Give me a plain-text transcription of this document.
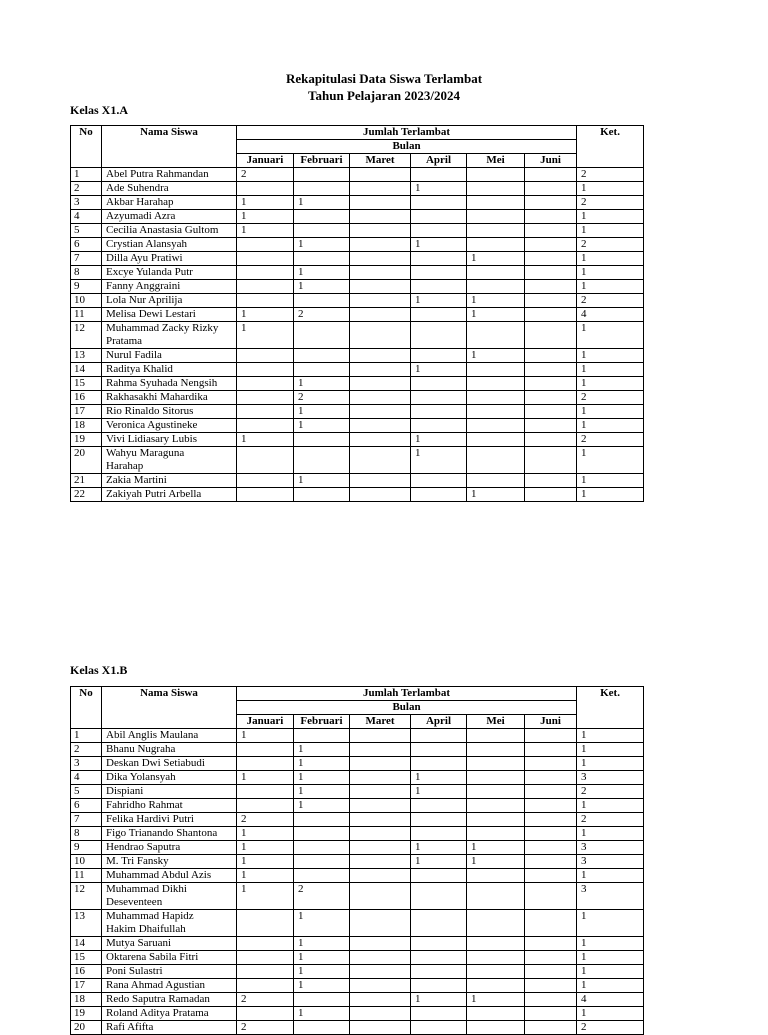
Rekapitulasi Data Siswa Terlambat
Tahun Pelajaran 2023/2024
Kelas X1.A
No	Nama Siswa	Jumlah Terlambat						Ket.
		Bulan						
		Januari	Februari	Maret	April	Mei	Juni	
1	Abel Putra Rahmandan	2						2
2	Ade Suhendra				1			1
3	Akbar Harahap	1	1					2
4	Azyumadi Azra	1						1
5	Cecilia Anastasia Gultom	1						1
6	Crystian Alansyah		1		1			2
7	Dilla Ayu Pratiwi					1		1
8	Excye Yulanda Putr		1					1
9	Fanny Anggraini		1					1
10	Lola Nur Aprilija				1	1		2
11	Melisa Dewi Lestari	1	2			1		4
12	Muhammad Zacky Rizky
Pratama	1						1
13	Nurul Fadila					1		1
14	Raditya Khalid				1			1
15	Rahma Syuhada Nengsih		1					1
16	Rakhasakhi Mahardika		2					2
17	Rio Rinaldo Sitorus		1					1
18	Veronica Agustineke		1					1
19	Vivi Lidiasary Lubis	1			1			2
20	Wahyu Maraguna
Harahap				1			1
21	Zakia Martini		1					1
22	Zakiyah Putri Arbella					1		1
Kelas X1.B
No	Nama Siswa	Jumlah Terlambat						Ket.
		Bulan						
		Januari	Februari	Maret	April	Mei	Juni	
1	Abil Anglis Maulana	1						1
2	Bhanu Nugraha		1					1
3	Deskan Dwi Setiabudi		1					1
4	Dika Yolansyah	1	1		1			3
5	Dispiani		1		1			2
6	Fahridho Rahmat		1					1
7	Felika Hardivi Putri	2						2
8	Figo Trianando Shantona	1						1
9	Hendrao Saputra	1			1	1		3
10	M. Tri Fansky	1			1	1		3
11	Muhammad Abdul Azis	1						1
12	Muhammad Dikhi
Deseventeen	1	2					3
13	Muhammad Hapidz
Hakim Dhaifullah		1					1
14	Mutya Saruani		1					1
15	Oktarena Sabila Fitri		1					1
16	Poni Sulastri		1					1
17	Rana Ahmad Agustian		1					1
18	Redo Saputra Ramadan	2			1	1		4
19	Roland Aditya Pratama		1					1
20	Rafi Afifta	2						2
